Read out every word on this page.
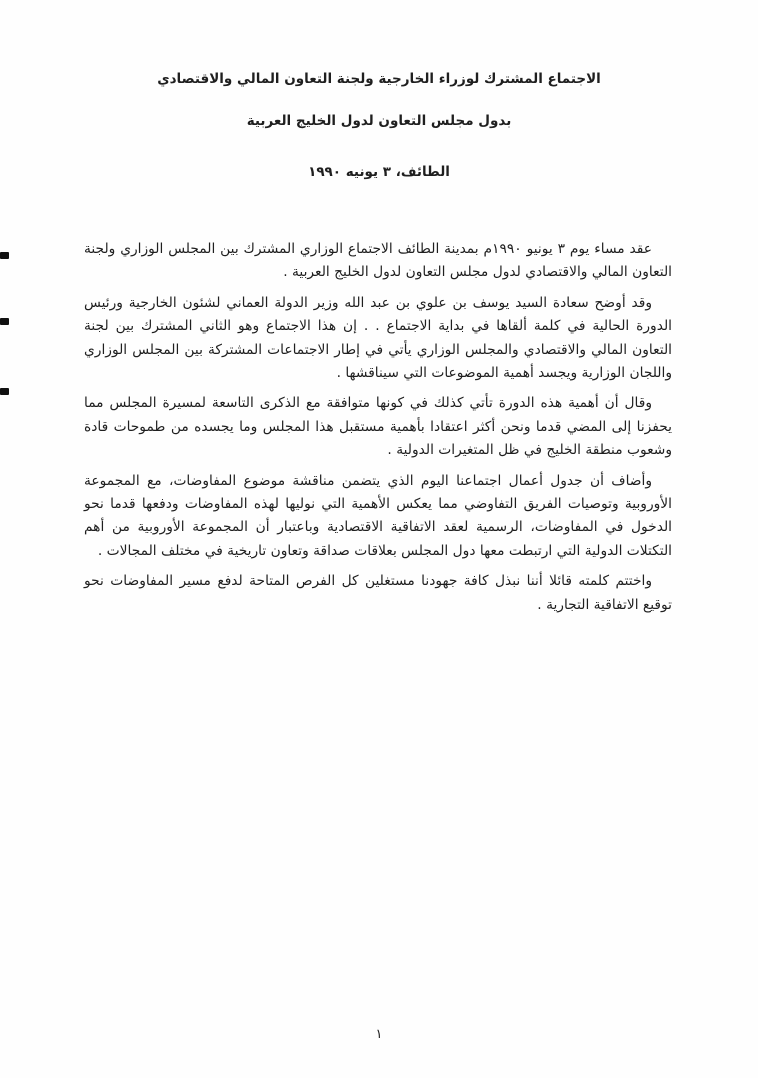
الاجتماع المشترك لوزراء الخارجية ولجنة التعاون المالي والاقتصادي
بدول مجلس التعاون لدول الخليج العربية
الطائف، ٣ يونيه ١٩٩٠

عقد مساء يوم ٣ يونيو ١٩٩٠م بمدينة الطائف الاجتماع الوزاري المشترك بين المجلس الوزاري ولجنة التعاون المالي والاقتصادي لدول مجلس التعاون لدول الخليج العربية .

وقد أوضح سعادة السيد يوسف بن علوي بن عبد الله وزير الدولة العماني لشئون الخارجية ورئيس الدورة الحالية في كلمة ألقاها في بداية الاجتماع . . إن هذا الاجتماع وهو الثاني المشترك بين لجنة التعاون المالي والاقتصادي والمجلس الوزاري يأتي في إطار الاجتماعات المشتركة بين المجلس الوزاري واللجان الوزارية ويجسد أهمية الموضوعات التي سيناقشها .

وقال أن أهمية هذه الدورة تأتي كذلك في كونها متوافقة مع الذكرى التاسعة لمسيرة المجلس مما يحفزنا إلى المضي قدما ونحن أكثر اعتقادا بأهمية مستقبل هذا المجلس وما يجسده من طموحات قادة وشعوب منطقة الخليج في ظل المتغيرات الدولية .

وأضاف أن جدول أعمال اجتماعنا اليوم الذي يتضمن مناقشة موضوع المفاوضات، مع المجموعة الأوروبية وتوصيات الفريق التفاوضي مما يعكس الأهمية التي نوليها لهذه المفاوضات ودفعها قدما نحو الدخول في المفاوضات، الرسمية لعقد الاتفاقية الاقتصادية وباعتبار أن المجموعة الأوروبية من أهم التكتلات الدولية التي ارتبطت معها دول المجلس بعلاقات صداقة وتعاون تاريخية في مختلف المجالات .

واختتم كلمته قائلا أننا نبذل كافة جهودنا مستغلين كل الفرص المتاحة لدفع مسير المفاوضات نحو توقيع الاتفاقية التجارية .

١
